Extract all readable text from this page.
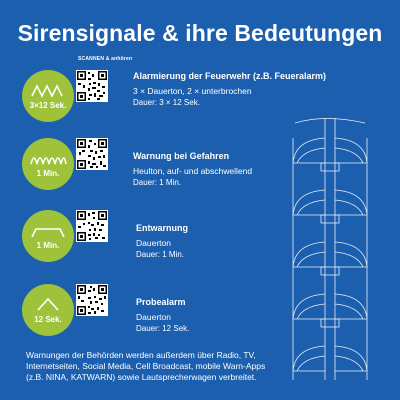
Sirensignale & ihre Bedeutungen
3×12 Sek.
SCANNEN & anhören
Alarmierung der Feuerwehr (z.B. Feueralarm)
3 × Dauerton, 2 × unterbrochen
Dauer: 3 × 12 Sek.
1 Min.
Warnung bei Gefahren
Heulton, auf- und abschwellend
Dauer: 1 Min.
1 Min.
Entwarnung
Dauerton
Dauer: 1 Min.
12 Sek.
Probealarm
Dauerton
Dauer: 12 Sek.
Warnungen der Behörden werden außerdem über Radio, TV,
Internetseiten, Social Media, Cell Broadcast, mobile Warn-Apps
(z.B. NINA, KATWARN) sowie Lautsprecherwagen verbreitet.
